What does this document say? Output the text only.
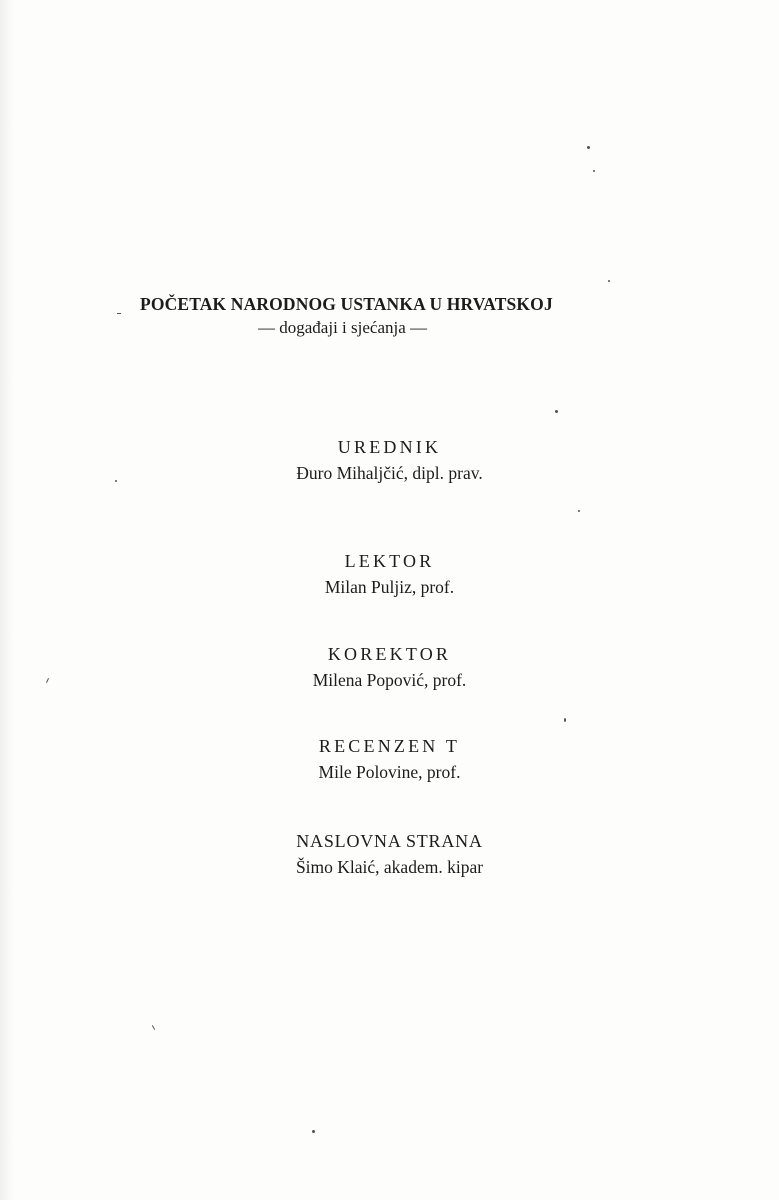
POČETAK NARODNOG USTANKA U HRVATSKOJ
— događaji i sjećanja —
UREDNIK
Đuro Mihaljčić, dipl. prav.
LEKTOR
Milan Puljiz, prof.
KOREKTOR
Milena Popović, prof.
RECENZEN T
Mile Polovine, prof.
NASLOVNA STRANA
Šimo Klaić, akadem. kipar
